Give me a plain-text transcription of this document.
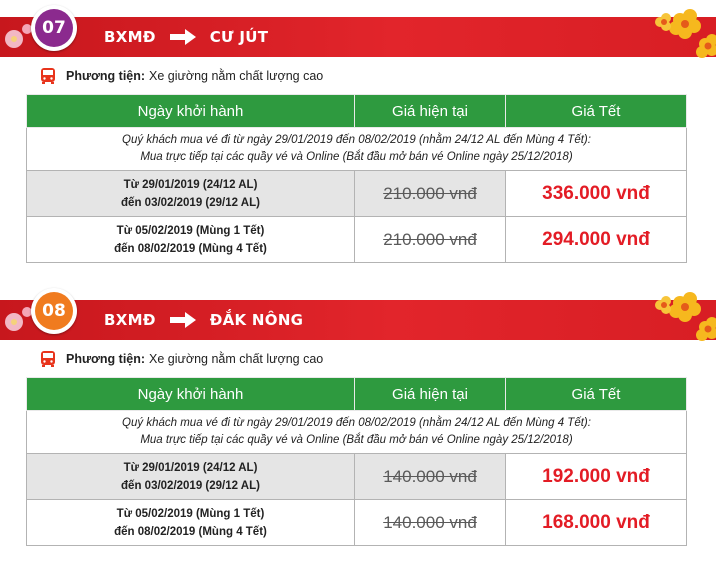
07	BXMĐ	CƯ JÚT
Phương tiện: Xe giường nằm chất lượng cao
Ngày khởi hành	Giá hiện tại	Giá Tết

Quý khách mua vé đi từ ngày 29/01/2019 đến 08/02/2019 (nhằm 24/12 AL đến Mùng 4 Tết):
Mua trực tiếp tại các quầy vé và Online (Bắt đầu mở bán vé Online ngày 25/12/2018)		

Từ 29/01/2019 (24/12 AL)
đến 03/02/2019 (29/12 AL)	210.000 vnđ	336.000 vnđ

Từ 05/02/2019 (Mùng 1 Tết)
đến 08/02/2019 (Mùng 4 Tết)	210.000 vnđ	294.000 vnđ
08	BXMĐ	ĐẮK NÔNG
Phương tiện: Xe giường nằm chất lượng cao
Ngày khởi hành	Giá hiện tại	Giá Tết

Quý khách mua vé đi từ ngày 29/01/2019 đến 08/02/2019 (nhằm 24/12 AL đến Mùng 4 Tết):
Mua trực tiếp tại các quầy vé và Online (Bắt đầu mở bán vé Online ngày 25/12/2018)		

Từ 29/01/2019 (24/12 AL)
đến 03/02/2019 (29/12 AL)	140.000 vnđ	192.000 vnđ

Từ 05/02/2019 (Mùng 1 Tết)
đến 08/02/2019 (Mùng 4 Tết)	140.000 vnđ	168.000 vnđ
